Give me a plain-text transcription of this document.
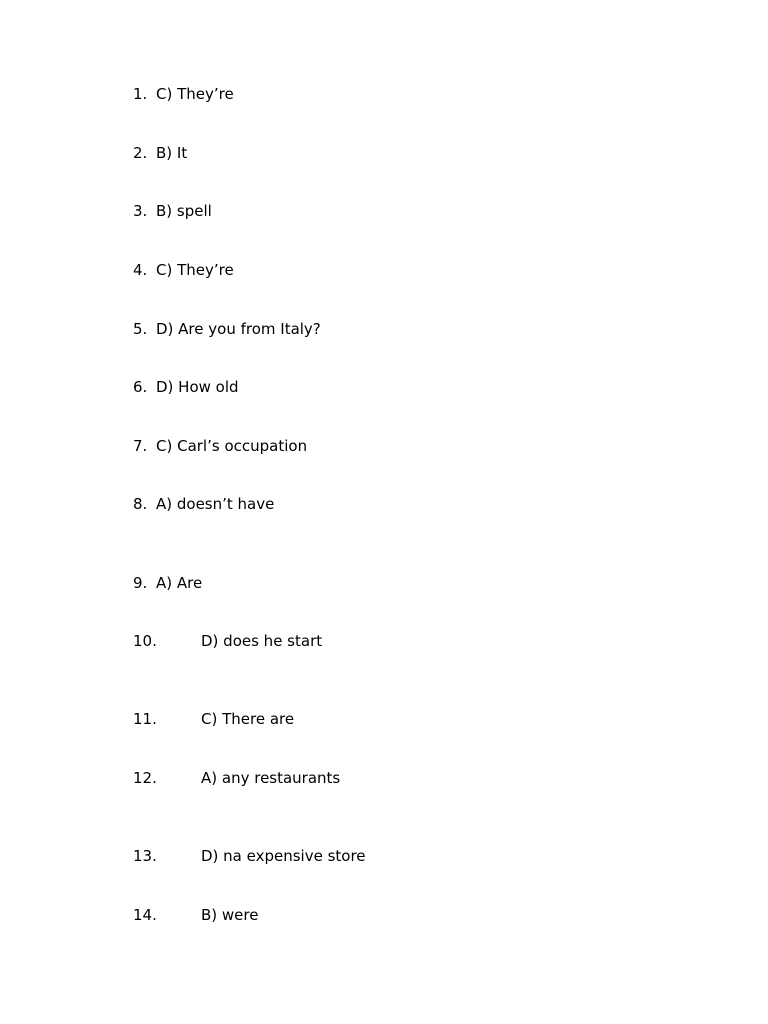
1. C) They’re
2. B) It
3. B) spell
4. C) They’re
5. D) Are you from Italy?
6. D) How old
7. C) Carl’s occupation
8. A) doesn’t have
9. A) Are
10.	D) does he start
11.	C) There are
12.	A) any restaurants
13.	D) na expensive store
14.	B) were
